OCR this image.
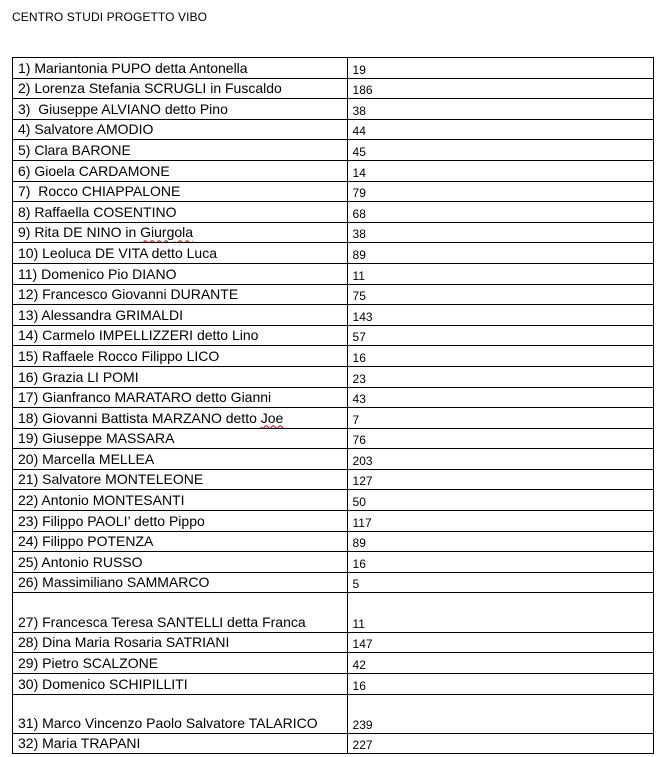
CENTRO STUDI PROGETTO VIBO
1) Mariantonia PUPO detta Antonella	19
2) Lorenza Stefania SCRUGLI in Fuscaldo	186
3)  Giuseppe ALVIANO detto Pino	38
4) Salvatore AMODIO	44
5) Clara BARONE	45
6) Gioela CARDAMONE	14
7)  Rocco CHIAPPALONE	79
8) Raffaella COSENTINO	68
9) Rita DE NINO in Giurgola	38
10) Leoluca DE VITA detto Luca	89
11) Domenico Pio DIANO	11
12) Francesco Giovanni DURANTE	75
13) Alessandra GRIMALDI	143
14) Carmelo IMPELLIZZERI detto Lino	57
15) Raffaele Rocco Filippo LICO	16
16) Grazia LI POMI	23
17) Gianfranco MARATARO detto Gianni	43
18) Giovanni Battista MARZANO detto Joe	7
19) Giuseppe MASSARA	76
20) Marcella MELLEA	203
21) Salvatore MONTELEONE	127
22) Antonio MONTESANTI	50
23) Filippo PAOLI’ detto Pippo	117
24) Filippo POTENZA	89
25) Antonio RUSSO	16
26) Massimiliano SAMMARCO	5
27) Francesca Teresa SANTELLI detta Franca	11
28) Dina Maria Rosaria SATRIANI	147
29) Pietro SCALZONE	42
30) Domenico SCHIPILLITI	16
31) Marco Vincenzo Paolo Salvatore TALARICO	239
32) Maria TRAPANI	227
